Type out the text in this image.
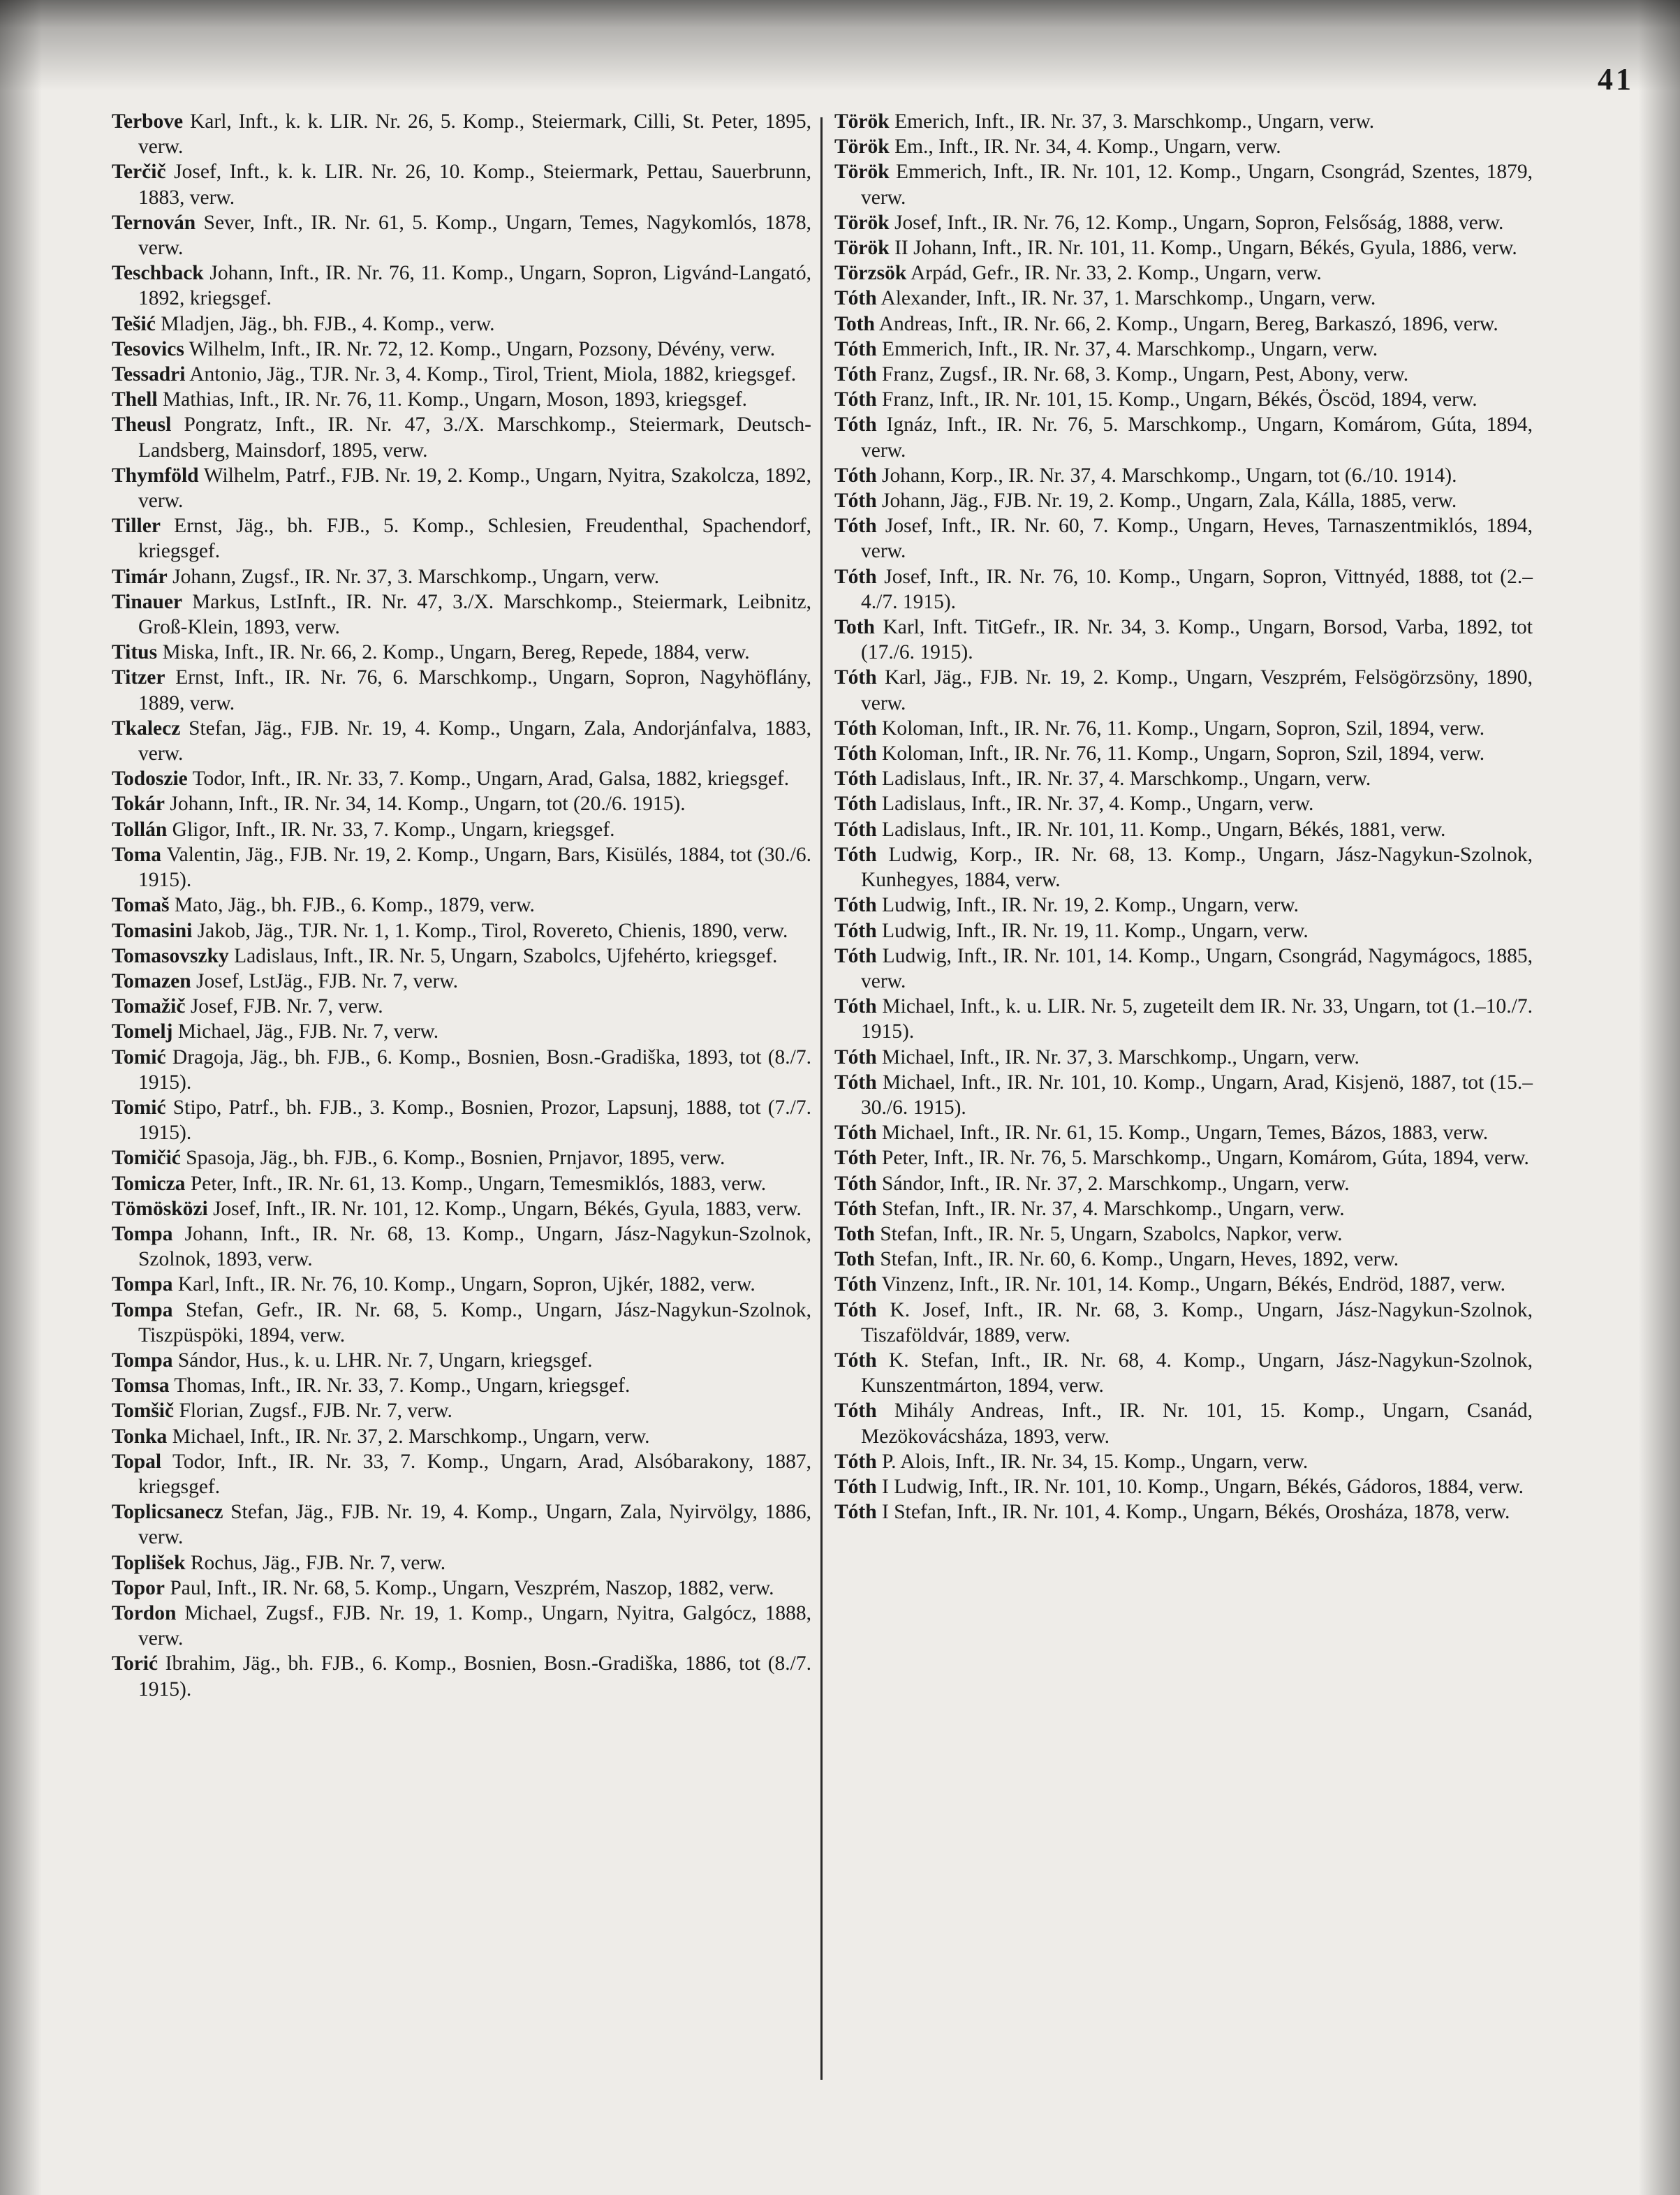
41

Terbove Karl, Inft., k. k. LIR. Nr. 26, 5. Komp., Steiermark, Cilli, St. Peter, 1895, verw.

Terčič Josef, Inft., k. k. LIR. Nr. 26, 10. Komp., Steiermark, Pettau, Sauerbrunn, 1883, verw.

Ternován Sever, Inft., IR. Nr. 61, 5. Komp., Ungarn, Temes, Nagykomlós, 1878, verw.

Teschback Johann, Inft., IR. Nr. 76, 11. Komp., Ungarn, Sopron, Ligvánd-Langató, 1892, kriegsgef.

Tešić Mladjen, Jäg., bh. FJB., 4. Komp., verw.

Tesovics Wilhelm, Inft., IR. Nr. 72, 12. Komp., Ungarn, Pozsony, Dévény, verw.

Tessadri Antonio, Jäg., TJR. Nr. 3, 4. Komp., Tirol, Trient, Miola, 1882, kriegsgef.

Thell Mathias, Inft., IR. Nr. 76, 11. Komp., Ungarn, Moson, 1893, kriegsgef.

Theusl Pongratz, Inft., IR. Nr. 47, 3./X. Marschkomp., Steiermark, Deutsch-Landsberg, Mainsdorf, 1895, verw.

Thymföld Wilhelm, Patrf., FJB. Nr. 19, 2. Komp., Ungarn, Nyitra, Szakolcza, 1892, verw.

Tiller Ernst, Jäg., bh. FJB., 5. Komp., Schlesien, Freudenthal, Spachendorf, kriegsgef.

Timár Johann, Zugsf., IR. Nr. 37, 3. Marschkomp., Ungarn, verw.

Tinauer Markus, LstInft., IR. Nr. 47, 3./X. Marschkomp., Steiermark, Leibnitz, Groß-Klein, 1893, verw.

Titus Miska, Inft., IR. Nr. 66, 2. Komp., Ungarn, Bereg, Repede, 1884, verw.

Titzer Ernst, Inft., IR. Nr. 76, 6. Marschkomp., Ungarn, Sopron, Nagyhöflány, 1889, verw.

Tkalecz Stefan, Jäg., FJB. Nr. 19, 4. Komp., Ungarn, Zala, Andorjánfalva, 1883, verw.

Todoszie Todor, Inft., IR. Nr. 33, 7. Komp., Ungarn, Arad, Galsa, 1882, kriegsgef.

Tokár Johann, Inft., IR. Nr. 34, 14. Komp., Ungarn, tot (20./6. 1915).

Tollán Gligor, Inft., IR. Nr. 33, 7. Komp., Ungarn, kriegsgef.

Toma Valentin, Jäg., FJB. Nr. 19, 2. Komp., Ungarn, Bars, Kisülés, 1884, tot (30./6. 1915).

Tomaš Mato, Jäg., bh. FJB., 6. Komp., 1879, verw.

Tomasini Jakob, Jäg., TJR. Nr. 1, 1. Komp., Tirol, Rovereto, Chienis, 1890, verw.

Tomasovszky Ladislaus, Inft., IR. Nr. 5, Ungarn, Szabolcs, Ujfehérto, kriegsgef.

Tomazen Josef, LstJäg., FJB. Nr. 7, verw.

Tomažič Josef, FJB. Nr. 7, verw.

Tomelj Michael, Jäg., FJB. Nr. 7, verw.

Tomić Dragoja, Jäg., bh. FJB., 6. Komp., Bosnien, Bosn.-Gradiška, 1893, tot (8./7. 1915).

Tomić Stipo, Patrf., bh. FJB., 3. Komp., Bosnien, Prozor, Lapsunj, 1888, tot (7./7. 1915).

Tomičić Spasoja, Jäg., bh. FJB., 6. Komp., Bosnien, Prnjavor, 1895, verw.

Tomicza Peter, Inft., IR. Nr. 61, 13. Komp., Ungarn, Temesmiklós, 1883, verw.

Tömösközi Josef, Inft., IR. Nr. 101, 12. Komp., Ungarn, Békés, Gyula, 1883, verw.

Tompa Johann, Inft., IR. Nr. 68, 13. Komp., Ungarn, Jász-Nagykun-Szolnok, Szolnok, 1893, verw.

Tompa Karl, Inft., IR. Nr. 76, 10. Komp., Ungarn, Sopron, Ujkér, 1882, verw.

Tompa Stefan, Gefr., IR. Nr. 68, 5. Komp., Ungarn, Jász-Nagykun-Szolnok, Tiszpüspöki, 1894, verw.

Tompa Sándor, Hus., k. u. LHR. Nr. 7, Ungarn, kriegsgef.

Tomsa Thomas, Inft., IR. Nr. 33, 7. Komp., Ungarn, kriegsgef.

Tomšič Florian, Zugsf., FJB. Nr. 7, verw.

Tonka Michael, Inft., IR. Nr. 37, 2. Marschkomp., Ungarn, verw.

Topal Todor, Inft., IR. Nr. 33, 7. Komp., Ungarn, Arad, Alsóbarakony, 1887, kriegsgef.

Toplicsanecz Stefan, Jäg., FJB. Nr. 19, 4. Komp., Ungarn, Zala, Nyirvölgy, 1886, verw.

Toplišek Rochus, Jäg., FJB. Nr. 7, verw.

Topor Paul, Inft., IR. Nr. 68, 5. Komp., Ungarn, Veszprém, Naszop, 1882, verw.

Tordon Michael, Zugsf., FJB. Nr. 19, 1. Komp., Ungarn, Nyitra, Galgócz, 1888, verw.

Torić Ibrahim, Jäg., bh. FJB., 6. Komp., Bosnien, Bosn.-Gradiška, 1886, tot (8./7. 1915).

Török Emerich, Inft., IR. Nr. 37, 3. Marschkomp., Ungarn, verw.

Török Em., Inft., IR. Nr. 34, 4. Komp., Ungarn, verw.

Török Emmerich, Inft., IR. Nr. 101, 12. Komp., Ungarn, Csongrád, Szentes, 1879, verw.

Török Josef, Inft., IR. Nr. 76, 12. Komp., Ungarn, Sopron, Felsőság, 1888, verw.

Török II Johann, Inft., IR. Nr. 101, 11. Komp., Ungarn, Békés, Gyula, 1886, verw.

Törzsök Arpád, Gefr., IR. Nr. 33, 2. Komp., Ungarn, verw.

Tóth Alexander, Inft., IR. Nr. 37, 1. Marschkomp., Ungarn, verw.

Toth Andreas, Inft., IR. Nr. 66, 2. Komp., Ungarn, Bereg, Barkaszó, 1896, verw.

Tóth Emmerich, Inft., IR. Nr. 37, 4. Marschkomp., Ungarn, verw.

Tóth Franz, Zugsf., IR. Nr. 68, 3. Komp., Ungarn, Pest, Abony, verw.

Tóth Franz, Inft., IR. Nr. 101, 15. Komp., Ungarn, Békés, Öscöd, 1894, verw.

Tóth Ignáz, Inft., IR. Nr. 76, 5. Marschkomp., Ungarn, Komárom, Gúta, 1894, verw.

Tóth Johann, Korp., IR. Nr. 37, 4. Marschkomp., Ungarn, tot (6./10. 1914).

Tóth Johann, Jäg., FJB. Nr. 19, 2. Komp., Ungarn, Zala, Kálla, 1885, verw.

Tóth Josef, Inft., IR. Nr. 60, 7. Komp., Ungarn, Heves, Tarnaszentmiklós, 1894, verw.

Tóth Josef, Inft., IR. Nr. 76, 10. Komp., Ungarn, Sopron, Vittnyéd, 1888, tot (2.–4./7. 1915).

Toth Karl, Inft. TitGefr., IR. Nr. 34, 3. Komp., Ungarn, Borsod, Varba, 1892, tot (17./6. 1915).

Tóth Karl, Jäg., FJB. Nr. 19, 2. Komp., Ungarn, Veszprém, Felsögörzsöny, 1890, verw.

Tóth Koloman, Inft., IR. Nr. 76, 11. Komp., Ungarn, Sopron, Szil, 1894, verw.

Tóth Koloman, Inft., IR. Nr. 76, 11. Komp., Ungarn, Sopron, Szil, 1894, verw.

Tóth Ladislaus, Inft., IR. Nr. 37, 4. Marschkomp., Ungarn, verw.

Tóth Ladislaus, Inft., IR. Nr. 37, 4. Komp., Ungarn, verw.

Tóth Ladislaus, Inft., IR. Nr. 101, 11. Komp., Ungarn, Békés, 1881, verw.

Tóth Ludwig, Korp., IR. Nr. 68, 13. Komp., Ungarn, Jász-Nagykun-Szolnok, Kunhegyes, 1884, verw.

Tóth Ludwig, Inft., IR. Nr. 19, 2. Komp., Ungarn, verw.

Tóth Ludwig, Inft., IR. Nr. 19, 11. Komp., Ungarn, verw.

Tóth Ludwig, Inft., IR. Nr. 101, 14. Komp., Ungarn, Csongrád, Nagymágocs, 1885, verw.

Tóth Michael, Inft., k. u. LIR. Nr. 5, zugeteilt dem IR. Nr. 33, Ungarn, tot (1.–10./7. 1915).

Tóth Michael, Inft., IR. Nr. 37, 3. Marschkomp., Ungarn, verw.

Tóth Michael, Inft., IR. Nr. 101, 10. Komp., Ungarn, Arad, Kisjenö, 1887, tot (15.–30./6. 1915).

Tóth Michael, Inft., IR. Nr. 61, 15. Komp., Ungarn, Temes, Bázos, 1883, verw.

Tóth Peter, Inft., IR. Nr. 76, 5. Marschkomp., Ungarn, Komárom, Gúta, 1894, verw.

Tóth Sándor, Inft., IR. Nr. 37, 2. Marschkomp., Ungarn, verw.

Tóth Stefan, Inft., IR. Nr. 37, 4. Marschkomp., Ungarn, verw.

Toth Stefan, Inft., IR. Nr. 5, Ungarn, Szabolcs, Napkor, verw.

Toth Stefan, Inft., IR. Nr. 60, 6. Komp., Ungarn, Heves, 1892, verw.

Tóth Vinzenz, Inft., IR. Nr. 101, 14. Komp., Ungarn, Békés, Endröd, 1887, verw.

Tóth K. Josef, Inft., IR. Nr. 68, 3. Komp., Ungarn, Jász-Nagykun-Szolnok, Tiszaföldvár, 1889, verw.

Tóth K. Stefan, Inft., IR. Nr. 68, 4. Komp., Ungarn, Jász-Nagykun-Szolnok, Kunszentmárton, 1894, verw.

Tóth Mihály Andreas, Inft., IR. Nr. 101, 15. Komp., Ungarn, Csanád, Mezökovácsháza, 1893, verw.

Tóth P. Alois, Inft., IR. Nr. 34, 15. Komp., Ungarn, verw.

Tóth I Ludwig, Inft., IR. Nr. 101, 10. Komp., Ungarn, Békés, Gádoros, 1884, verw.

Tóth I Stefan, Inft., IR. Nr. 101, 4. Komp., Ungarn, Békés, Orosháza, 1878, verw.
